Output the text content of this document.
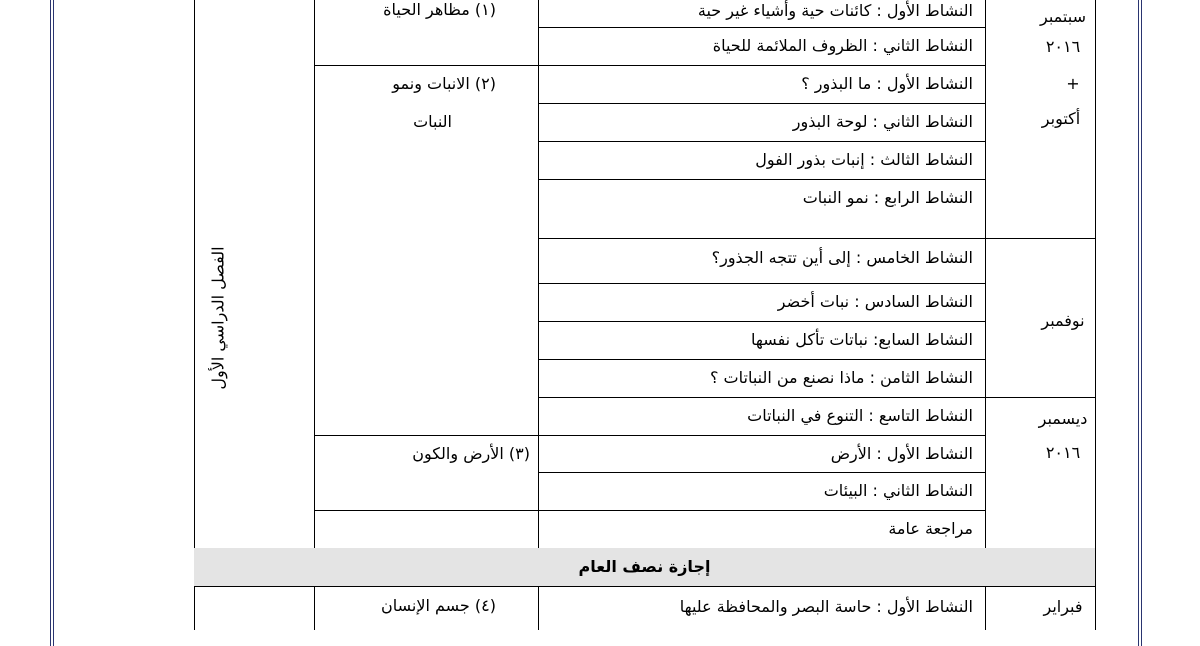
الفصل الدراسي الأول
سبتمبر
٢٠١٦
+
أكتوبر
نوفمبر
ديسمبر
٢٠١٦
فبراير
(١) مظاهر الحياة
(٢) الانبات ونمو
النبات
(٣) الأرض والكون
(٤) جسم الإنسان
النشاط الأول : كائنات حية وأشياء غير حية
النشاط الثاني : الظروف الملائمة للحياة
النشاط الأول : ما البذور ؟
النشاط الثاني : لوحة البذور
النشاط الثالث : إنبات بذور الفول
النشاط الرابع : نمو النبات
النشاط الخامس : إلى أين تتجه الجذور؟
النشاط السادس : نبات أخضر
النشاط السابع: نباتات تأكل نفسها
النشاط الثامن : ماذا نصنع من النباتات ؟
النشاط التاسع : التنوع في النباتات
النشاط الأول : الأرض
النشاط الثاني : البيئات
مراجعة عامة
النشاط الأول : حاسة البصر والمحافظة عليها
إجازة نصف العام
